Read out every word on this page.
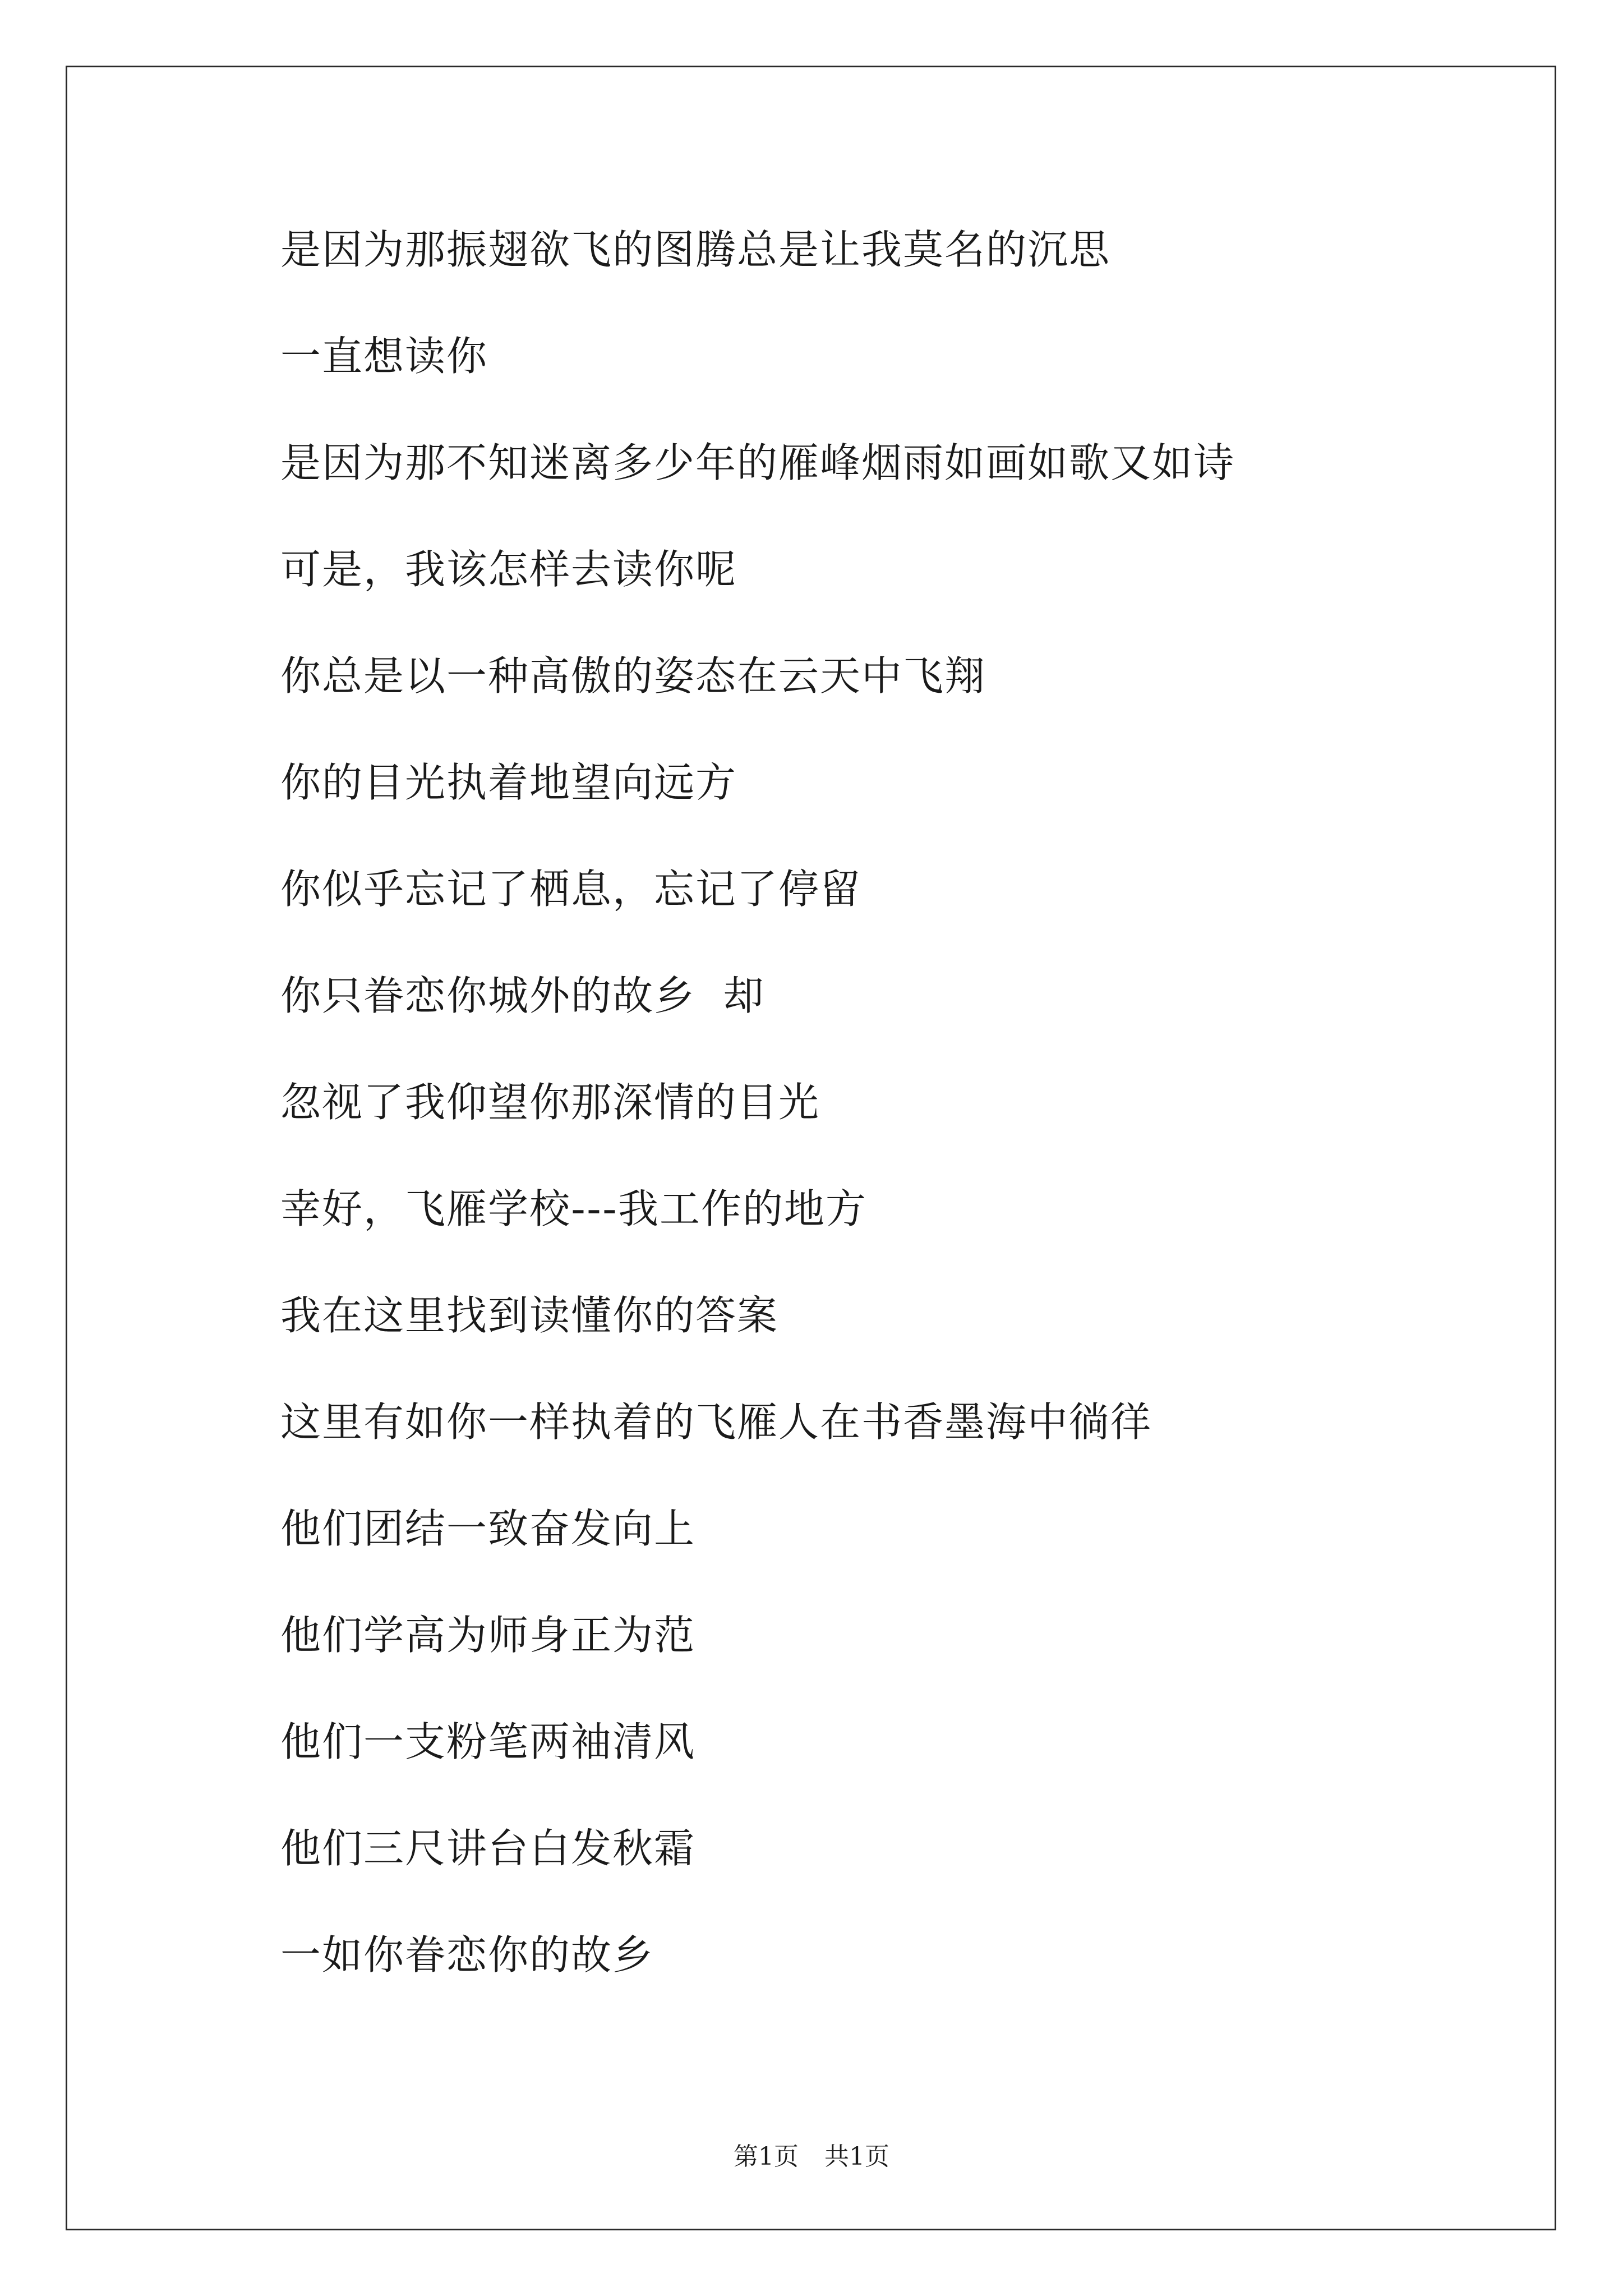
是因为那振翅欲飞的图腾总是让我莫名的沉思
一直想读你
是因为那不知迷离多少年的雁峰烟雨如画如歌又如诗
可是，我该怎样去读你呢
你总是以一种高傲的姿态在云天中飞翔
你的目光执着地望向远方
你似乎忘记了栖息，忘记了停留
你只眷恋你城外的故乡  却
忽视了我仰望你那深情的目光
幸好，飞雁学校---我工作的地方
我在这里找到读懂你的答案
这里有如你一样执着的飞雁人在书香墨海中徜徉
他们团结一致奋发向上
他们学高为师身正为范
他们一支粉笔两袖清风
他们三尺讲台白发秋霜
一如你眷恋你的故乡
第1页 共1页
